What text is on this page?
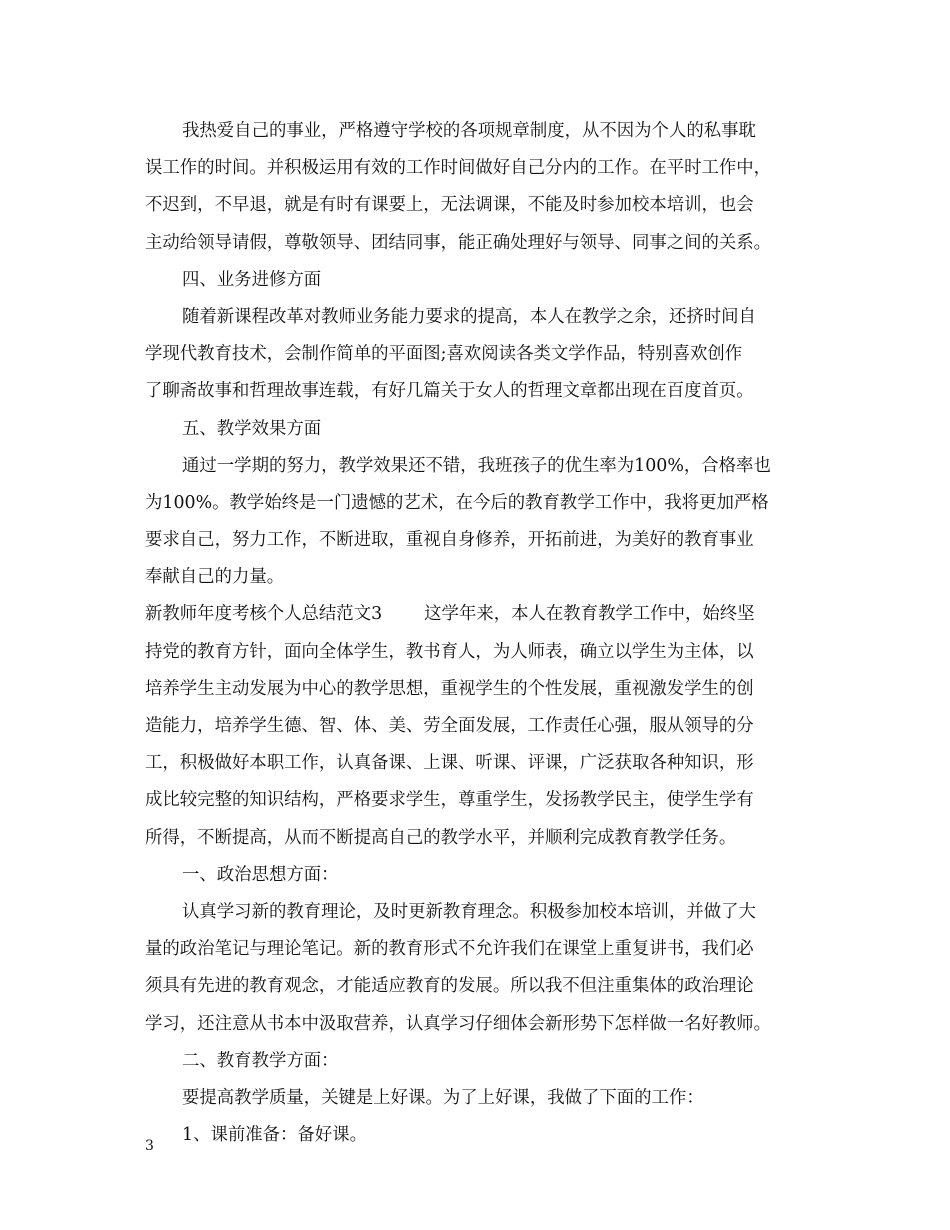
我热爱自己的事业，严格遵守学校的各项规章制度，从不因为个人的私事耽
误工作的时间。并积极运用有效的工作时间做好自己分内的工作。在平时工作中，
不迟到，不早退，就是有时有课要上，无法调课，不能及时参加校本培训，也会
主动给领导请假，尊敬领导、团结同事，能正确处理好与领导、同事之间的关系。
四、业务进修方面
随着新课程改革对教师业务能力要求的提高，本人在教学之余，还挤时间自
学现代教育技术，会制作简单的平面图;喜欢阅读各类文学作品，特别喜欢创作
了聊斋故事和哲理故事连载，有好几篇关于女人的哲理文章都出现在百度首页。
五、教学效果方面
通过一学期的努力，教学效果还不错，我班孩子的优生率为100%，合格率也
为100%。教学始终是一门遗憾的艺术，在今后的教育教学工作中，我将更加严格
要求自己，努力工作，不断进取，重视自身修养，开拓前进，为美好的教育事业
奉献自己的力量。
新教师年度考核个人总结范文3 这学年来，本人在教育教学工作中，始终坚
持党的教育方针，面向全体学生，教书育人，为人师表，确立以学生为主体，以
培养学生主动发展为中心的教学思想，重视学生的个性发展，重视激发学生的创
造能力，培养学生德、智、体、美、劳全面发展，工作责任心强，服从领导的分
工，积极做好本职工作，认真备课、上课、听课、评课，广泛获取各种知识，形
成比较完整的知识结构，严格要求学生，尊重学生，发扬教学民主，使学生学有
所得，不断提高，从而不断提高自己的教学水平，并顺利完成教育教学任务。
一、政治思想方面：
认真学习新的教育理论，及时更新教育理念。积极参加校本培训，并做了大
量的政治笔记与理论笔记。新的教育形式不允许我们在课堂上重复讲书，我们必
须具有先进的教育观念，才能适应教育的发展。所以我不但注重集体的政治理论
学习，还注意从书本中汲取营养，认真学习仔细体会新形势下怎样做一名好教师。
二、教育教学方面：
要提高教学质量，关键是上好课。为了上好课，我做了下面的工作：
1、课前准备：备好课。
3
